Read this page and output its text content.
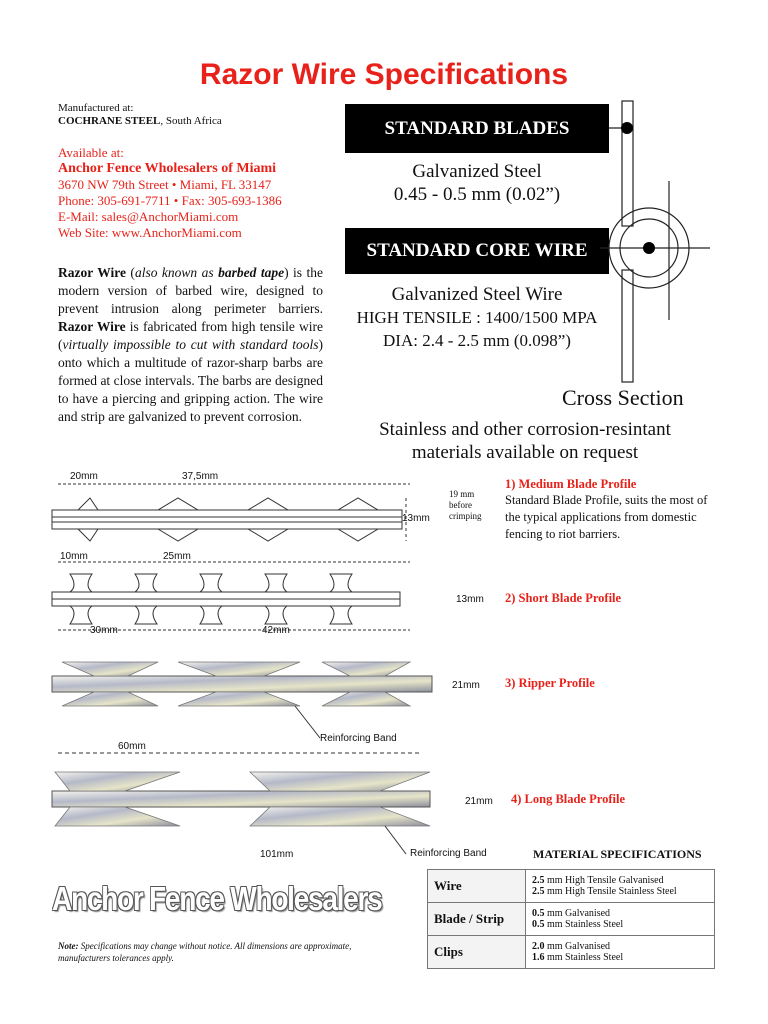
Razor Wire Specifications
Manufactured at:
COCHRANE STEEL, South Africa
Available at:
Anchor Fence Wholesalers of Miami
3670 NW 79th Street • Miami, FL 33147
Phone: 305-691-7711 • Fax: 305-693-1386
E-Mail: sales@AnchorMiami.com
Web Site: www.AnchorMiami.com
Razor Wire (also known as barbed tape) is the modern version of barbed wire, designed to prevent intrusion along perimeter barriers. Razor Wire is fabricated from high tensile wire (virtually impossible to cut with standard tools) onto which a multitude of razor-sharp barbs are formed at close intervals. The barbs are designed to have a piercing and gripping action. The wire and strip are galvanized to prevent corrosion.
STANDARD BLADES
Galvanized Steel
0.45 - 0.5 mm (0.02”)
STANDARD CORE WIRE
Galvanized Steel Wire
HIGH TENSILE : 1400/1500 MPA
DIA: 2.4 - 2.5 mm (0.098”)
Cross Section
Stainless and other corrosion-resintant
materials available on request
20mm	37,5mm
13mm
19 mm
before
crimping
1) Medium Blade Profile
Standard Blade Profile, suits the most of the typical applications from domestic fencing to riot barriers.
10mm	25mm
30mm	42mm
13mm 2) Short Blade Profile
21mm
Reinforcing Band
3) Ripper Profile
60mm
101mm
21mm
Reinforcing Band
4) Long Blade Profile
MATERIAL SPECIFICATIONS
Wire	2.5 mm High Tensile Galvanised
2.5 mm High Tensile Stainless Steel

Blade / Strip	0.5 mm Galvanised
0.5 mm Stainless Steel

Clips	2.0 mm Galvanised
1.6 mm Stainless Steel
Anchor Fence Wholesalers
Note: Specifications may change without notice. All dimensions are approximate, manufacturers tolerances apply.
